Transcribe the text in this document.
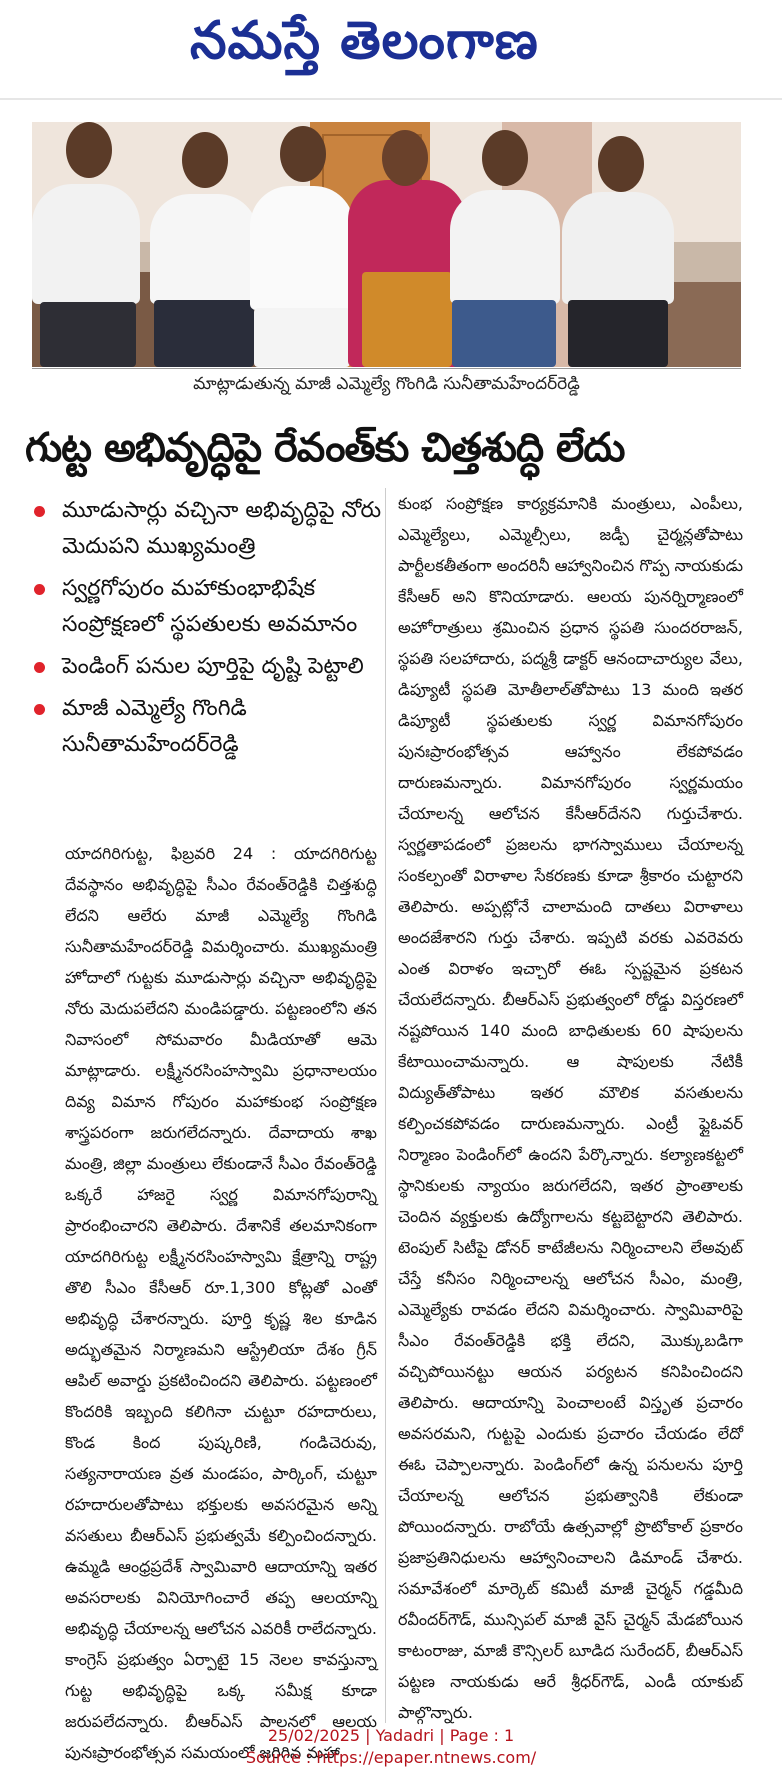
నమస్తే తెలంగాణ
మాట్లాడుతున్న మాజీ ఎమ్మెల్యే గొంగిడి సునీతామహేందర్‌రెడ్డి
గుట్ట అభివృద్ధిపై రేవంత్‌కు చిత్తశుద్ధి లేదు
మూడుసార్లు వచ్చినా అభివృద్ధిపై నోరు మెదుపని ముఖ్యమంత్రి
స్వర్ణగోపురం మహాకుంభాభిషేక సంప్రోక్షణలో స్థపతులకు అవమానం
పెండింగ్ పనుల పూర్తిపై దృష్టి పెట్టాలి
మాజీ ఎమ్మెల్యే గొంగిడి సునీతామహేందర్‌రెడ్డి
యాదగిరిగుట్ట, ఫిబ్రవరి 24 : యాదగిరిగుట్ట దేవస్థానం అభివృద్ధిపై సీఎం రేవంత్‌రెడ్డికి చిత్తశుద్ధి లేదని ఆలేరు మాజీ ఎమ్మెల్యే గొంగిడి సునీతామహేందర్‌రెడ్డి విమర్శించారు. ముఖ్యమంత్రి హోదాలో గుట్టకు మూడుసార్లు వచ్చినా అభివృద్ధిపై నోరు మెదుపలేదని మండిపడ్డారు. పట్టణంలోని తన నివాసంలో సోమవారం మీడియాతో ఆమె మాట్లాడారు. లక్ష్మీనరసింహస్వామి ప్రధానాలయం దివ్య విమాన గోపురం మహాకుంభ సంప్రోక్షణ శాస్త్రపరంగా జరుగలేదన్నారు. దేవాదాయ శాఖ మంత్రి, జిల్లా మంత్రులు లేకుండానే సీఎం రేవంత్‌రెడ్డి ఒక్కరే హాజరై స్వర్ణ విమానగోపురాన్ని ప్రారంభించారని తెలిపారు. దేశానికే తలమానికంగా యాదగిరిగుట్ట లక్ష్మీనరసింహస్వామి క్షేత్రాన్ని రాష్ట్ర తొలి సీఎం కేసీఆర్ రూ.1,300 కోట్లతో ఎంతో అభివృద్ధి చేశారన్నారు. పూర్తి కృష్ణ శిల కూడిన అద్భుతమైన నిర్మాణమని ఆస్ట్రేలియా దేశం గ్రీన్ ఆపిల్ అవార్డు ప్రకటించిందని తెలిపారు. పట్టణంలో కొందరికి ఇబ్బంది కలిగినా చుట్టూ రహదారులు, కొండ కింద పుష్కరిణి, గండిచెరువు, సత్యనారాయణ వ్రత మండపం, పార్కింగ్, చుట్టూ రహదారులతోపాటు భక్తులకు అవసరమైన అన్ని వసతులు బీఆర్‌ఎస్ ప్రభుత్వమే కల్పించిందన్నారు. ఉమ్మడి ఆంధ్రప్రదేశ్ స్వామివారి ఆదాయాన్ని ఇతర అవసరాలకు వినియోగించారే తప్ప ఆలయాన్ని అభివృద్ధి చేయాలన్న ఆలోచన ఎవరికీ రాలేదన్నారు. కాంగ్రెస్ ప్రభుత్వం ఏర్పాటై 15 నెలల కావస్తున్నా గుట్ట అభివృద్ధిపై ఒక్క సమీక్ష కూడా జరుపలేదన్నారు. బీఆర్‌ఎస్ పాలనలో ఆలయ పునఃప్రారంభోత్సవ సమయంలో జరిగిన మహా
కుంభ సంప్రోక్షణ కార్యక్రమానికి మంత్రులు, ఎంపీలు, ఎమ్మెల్యేలు, ఎమ్మెల్సీలు, జడ్పీ చైర్మన్లతోపాటు పార్టీలకతీతంగా అందరినీ ఆహ్వానించిన గొప్ప నాయకుడు కేసీఆర్ అని కొనియాడారు. ఆలయ పునర్నిర్మాణంలో అహోరాత్రులు శ్రమించిన ప్రధాన స్థపతి సుందరరాజన్, స్థపతి సలహాదారు, పద్మశ్రీ డాక్టర్ ఆనందాచార్యుల వేలు, డిప్యూటీ స్థపతి మోతీలాల్‌తోపాటు 13 మంది ఇతర డిప్యూటీ స్థపతులకు స్వర్ణ విమానగోపురం పునఃప్రారంభోత్సవ ఆహ్వానం లేకపోవడం దారుణమన్నారు. విమానగోపురం స్వర్ణమయం చేయాలన్న ఆలోచన కేసీఆర్‌దేనని గుర్తుచేశారు. స్వర్ణతాపడంలో ప్రజలను భాగస్వాములు చేయాలన్న సంకల్పంతో విరాళాల సేకరణకు కూడా శ్రీకారం చుట్టారని తెలిపారు. అప్పట్లోనే చాలామంది దాతలు విరాళాలు అందజేశారని గుర్తు చేశారు. ఇప్పటి వరకు ఎవరెవరు ఎంత విరాళం ఇచ్చారో ఈఓ స్పష్టమైన ప్రకటన చేయలేదన్నారు. బీఆర్‌ఎస్ ప్రభుత్వంలో రోడ్డు విస్తరణలో నష్టపోయిన 140 మంది బాధితులకు 60 షాపులను కేటాయించామన్నారు. ఆ షాపులకు నేటికీ విద్యుత్‌తోపాటు ఇతర మౌలిక వసతులను కల్పించకపోవడం దారుణమన్నారు. ఎంట్రీ ఫ్లైఓవర్ నిర్మాణం పెండింగ్‌లో ఉందని పేర్కొన్నారు. కల్యాణకట్టలో స్థానికులకు న్యాయం జరుగలేదని, ఇతర ప్రాంతాలకు చెందిన వ్యక్తులకు ఉద్యోగాలను కట్టబెట్టారని తెలిపారు. టెంపుల్ సిటీపై డోనర్ కాటేజీలను నిర్మించాలని లేఅవుట్ చేస్తే కనీసం నిర్మించాలన్న ఆలోచన సీఎం, మంత్రి, ఎమ్మెల్యేకు రావడం లేదని విమర్శించారు. స్వామివారిపై సీఎం రేవంత్‌రెడ్డికి భక్తి లేదని, మొక్కుబడిగా వచ్చిపోయినట్టు ఆయన పర్యటన కనిపించిందని తెలిపారు. ఆదాయాన్ని పెంచాలంటే విస్తృత ప్రచారం అవసరమని, గుట్టపై ఎందుకు ప్రచారం చేయడం లేదో ఈఓ చెప్పాలన్నారు. పెండింగ్‌లో ఉన్న పనులను పూర్తి చేయాలన్న ఆలోచన ప్రభుత్వానికి లేకుండా పోయిందన్నారు. రాబోయే ఉత్సవాల్లో ప్రొటోకాల్ ప్రకారం ప్రజాప్రతినిధులను ఆహ్వానించాలని డిమాండ్ చేశారు. సమావేశంలో మార్కెట్ కమిటీ మాజీ చైర్మన్ గడ్డమీది రవీందర్‌గౌడ్, మున్సిపల్ మాజీ వైస్ చైర్మన్ మేడబోయిన కాటంరాజు, మాజీ కౌన్సిలర్ బూడిద సురేందర్, బీఆర్‌ఎస్ పట్టణ నాయకుడు ఆరే శ్రీధర్‌గౌడ్, ఎండీ యాకుబ్ పాల్గొన్నారు.
25/02/2025 | Yadadri | Page : 1
Source : https://epaper.ntnews.com/
